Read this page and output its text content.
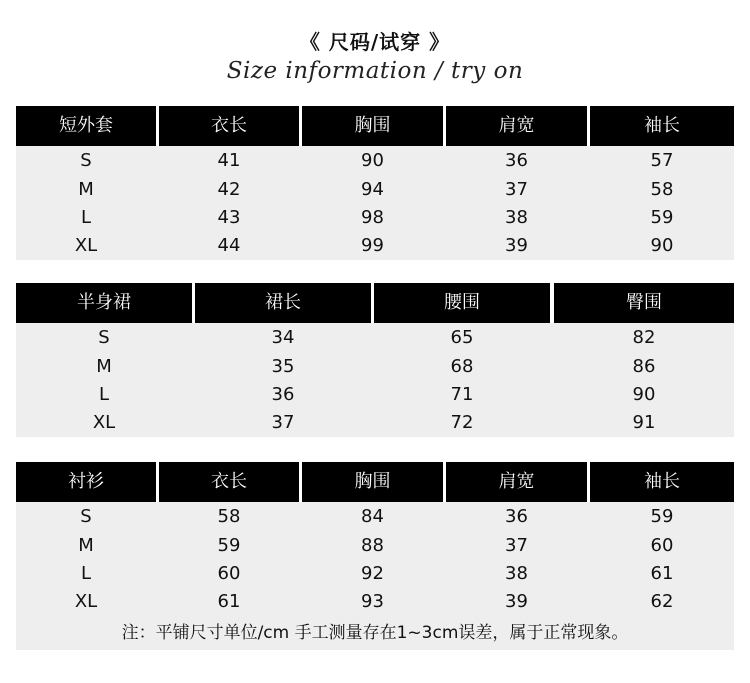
《 尺码/试穿 》
Size information / try on
短外套	衣长	胸围	肩宽	袖长
S	41	90	36	57
M	42	94	37	58
L	43	98	38	59
XL	44	99	39	90
半身裙	裙长	腰围	臀围
S	34	65	82
M	35	68	86
L	36	71	90
XL	37	72	91
衬衫	衣长	胸围	肩宽	袖长
S	58	84	36	59
M	59	88	37	60
L	60	92	38	61
XL	61	93	39	62
注：平铺尺寸单位/cm 手工测量存在1~3cm误差，属于正常现象。
